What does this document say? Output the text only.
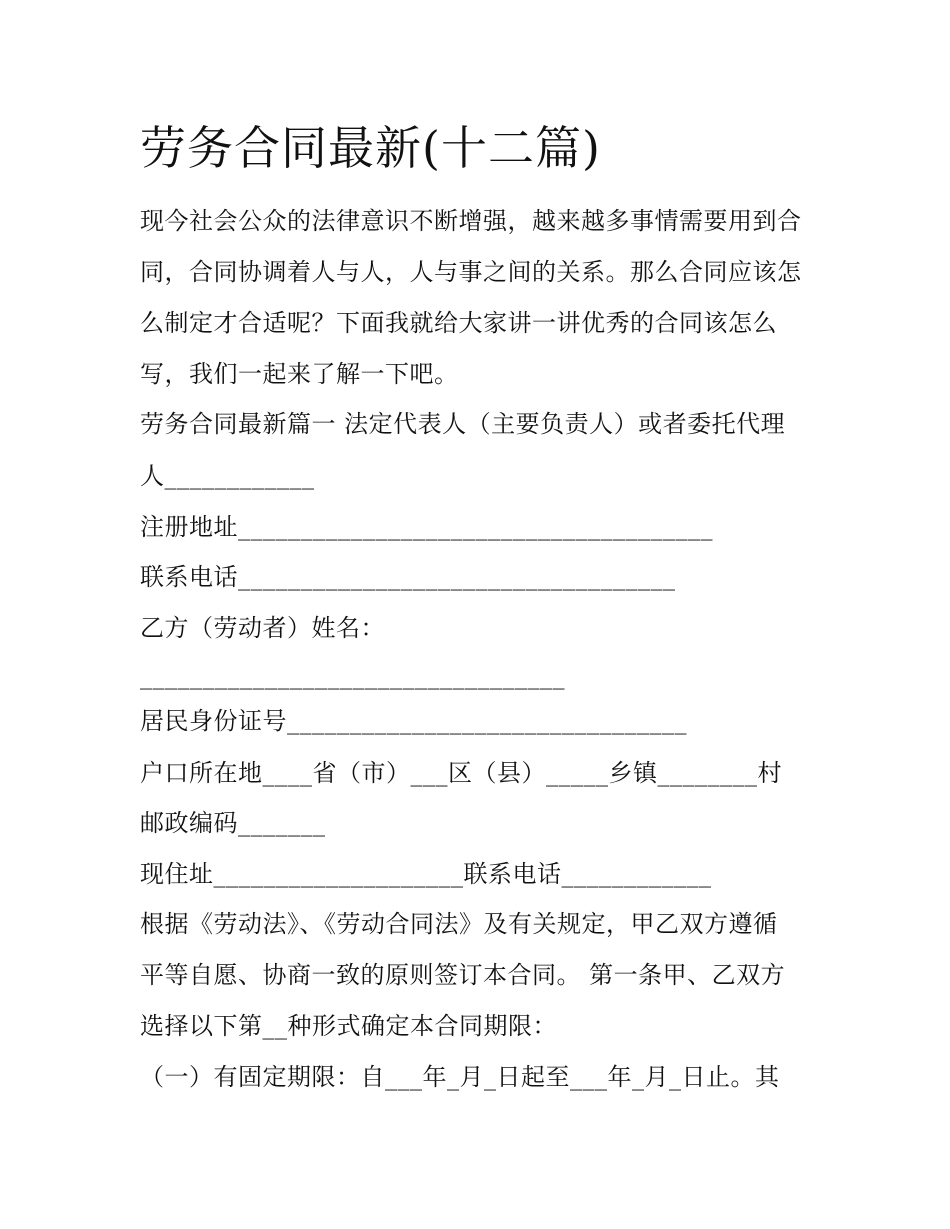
劳务合同最新(十二篇)
现今社会公众的法律意识不断增强，越来越多事情需要用到合
同，合同协调着人与人，人与事之间的关系。那么合同应该怎
么制定才合适呢？下面我就给大家讲一讲优秀的合同该怎么
写，我们一起来了解一下吧。
劳务合同最新篇一 法定代表人（主要负责人）或者委托代理
人____________
注册地址______________________________________
联系电话___________________________________
乙方（劳动者）姓名：
__________________________________
居民身份证号________________________________
户口所在地____省（市）___区（县）_____乡镇________村
邮政编码_______
现住址____________________联系电话____________
根据《劳动法》、《劳动合同法》及有关规定，甲乙双方遵循
平等自愿、协商一致的原则签订本合同。 第一条甲、乙双方
选择以下第__种形式确定本合同期限：
（一）有固定期限：自___年_月_日起至___年_月_日止。其
